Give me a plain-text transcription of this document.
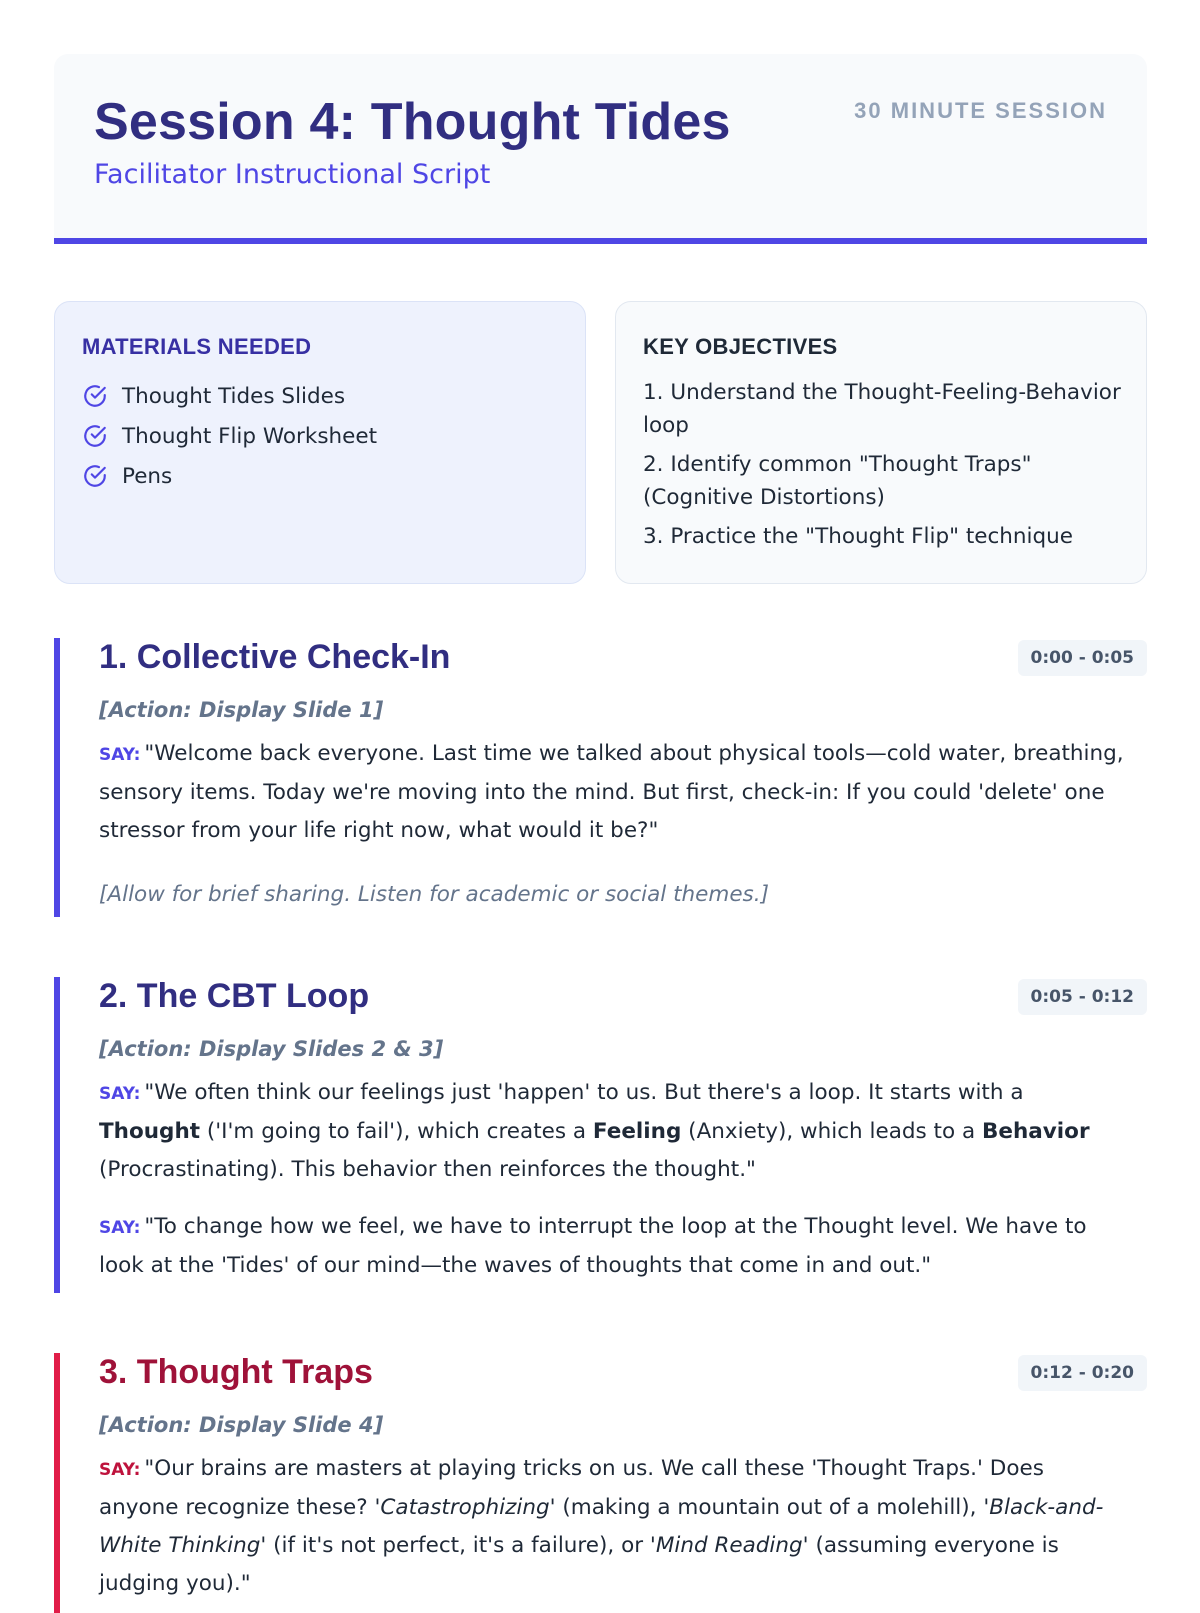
Session 4: Thought Tides
Facilitator Instructional Script
30 MINUTE SESSION
MATERIALS NEEDED
Thought Tides Slides
Thought Flip Worksheet
Pens
KEY OBJECTIVES
1. Understand the Thought-Feeling-Behavior loop
2. Identify common "Thought Traps" (Cognitive Distortions)
3. Practice the "Thought Flip" technique
1. Collective Check-In	0:00 - 0:05
[Action: Display Slide 1]

SAY: "Welcome back everyone. Last time we talked about physical tools—cold water, breathing, sensory items. Today we're moving into the mind. But first, check-in: If you could 'delete' one stressor from your life right now, what would it be?"

[Allow for brief sharing. Listen for academic or social themes.]
2. The CBT Loop	0:05 - 0:12
[Action: Display Slides 2 & 3]

SAY: "We often think our feelings just 'happen' to us. But there's a loop. It starts with a Thought ('I'm going to fail'), which creates a Feeling (Anxiety), which leads to a Behavior (Procrastinating). This behavior then reinforces the thought."

SAY: "To change how we feel, we have to interrupt the loop at the Thought level. We have to look at the 'Tides' of our mind—the waves of thoughts that come in and out."

3. Thought Traps	0:12 - 0:20
[Action: Display Slide 4]

SAY: "Our brains are masters at playing tricks on us. We call these 'Thought Traps.' Does anyone recognize these? 'Catastrophizing' (making a mountain out of a molehill), 'Black-and-White Thinking' (if it's not perfect, it's a failure), or 'Mind Reading' (assuming everyone is judging you)."
